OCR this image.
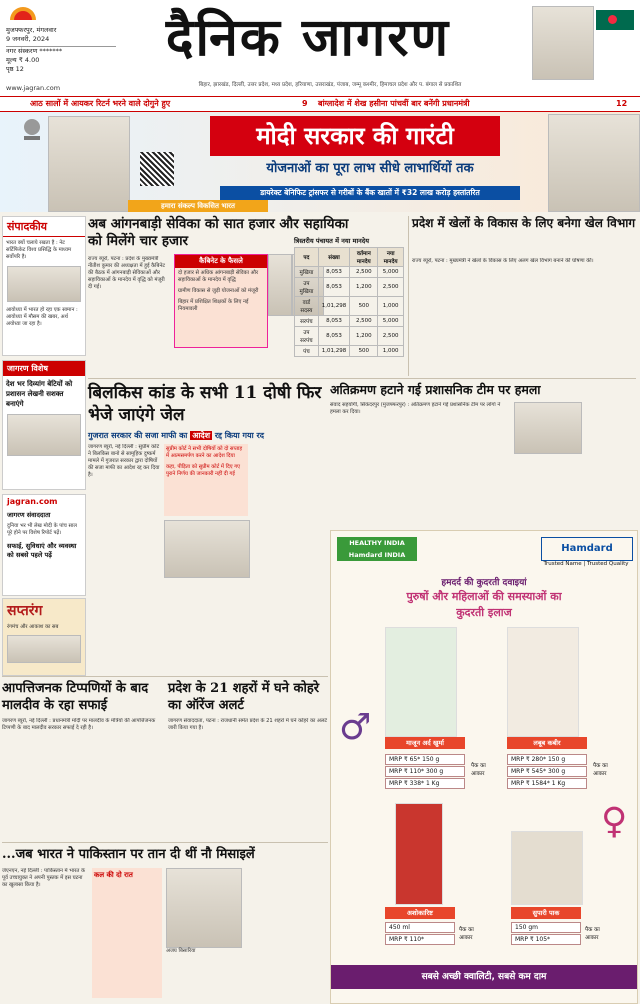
मुजफ्फरपुर, मंगलवार
9 जनवरी, 2024
नगर संस्करण *******
मूल्य ₹ 4.00
पृष्ठ 12
दैनिक जागरण
www.jagran.com	बिहार, झारखंड, दिल्ली, उत्तर प्रदेश, मध्य प्रदेश, हरियाणा, उत्तराखंड, पंजाब, जम्मू कश्मीर, हिमाचल प्रदेश और प. बंगाल से प्रकाशित
आठ सालों में आयकर रिटर्न भरने वाले दोगुने हुए	9 बांग्लादेश में शेख हसीना पांचवीं बार बनेंगी प्रधानमंत्री	12
मोदी सरकार की गारंटी
योजनाओं का पूरा लाभ सीधे लाभार्थियों तक
डायरेक्ट बेनिफिट ट्रांसफर से गरीबों के बैंक खातों में ₹32 लाख करोड़ हस्तांतरित
हमारा संकल्प विकसित भारत
संपादकीय
भारत क्यों चलाये रखता है : नेट सर्टिफिकेट विश्व प्रसिद्धि के माध्यम सर्वोपरि है।
आयोध्या में भारत हो रहा एक सामान : आयोध्या में मौसम की खबर, अर्थ अयोध्या जा रहा है।
जागरण विशेष
देश भर दिव्यांग बेटियों को प्रशासन लेखनी सशक्त बनाएंगे
jagran.com
जागरण संवाददाता
दुनिया भर भी लेख मोदी के पांच साल पूरे होने पर विशेष रिपोर्ट पढ़ें।
सफाई, सुविधाएं और व्यवस्था को सबसे पहले पढ़ें
सप्तरंग
रंगमंच और आकाश का सब
अब आंगनबाड़ी सेविका को सात हजार और सहायिका को मिलेंगे चार हजार
राज्य ब्यूरो, पटना : प्रदेश के मुख्यमंत्री नीतीश कुमार की अध्यक्षता में हुई कैबिनेट की बैठक में आंगनबाड़ी सेविकाओं और सहायिकाओं के मानदेय में वृद्धि को मंजूरी दी गई।
कैबिनेट के फैसले
दो हजार से अधिक आंगनबाड़ी सेविका और सहायिकाओं के मानदेय में वृद्धि
ग्रामीण विकास से जुड़ी योजनाओं को मंजूरी
बिहार में प्रशिक्षित शिक्षकों के लिए नई नियमावली
त्रिस्तरीय पंचायत में नया मानदेय
पद	संख्या	वर्तमान मानदेय	नया मानदेय
मुखिया	8,053	2,500	5,000
उप मुखिया	8,053	1,200	2,500
वार्ड सदस्य	1,01,298	500	1,000
सरपंच	8,053	2,500	5,000
उप सरपंच	8,053	1,200	2,500
पंच	1,01,298	500	1,000
प्रदेश में खेलों के विकास के लिए बनेगा खेल विभाग
राज्य ब्यूरो, पटना : मुख्यमंत्री ने खेलों के विकास के लिए अलग खेल विभाग बनाने की घोषणा की।
बिलकिस कांड के सभी 11 दोषी फिर भेजे जाएंगे जेल
गुजरात सरकार की सजा माफी का आदेश रद्द किया गया रद
जागरण ब्यूरो, नई दिल्ली : सुप्रीम कोर्ट ने बिलकिस बानो से सामूहिक दुष्कर्म मामले में गुजरात सरकार द्वारा दोषियों की सजा माफी का आदेश रद्द कर दिया है।
सुप्रीम कोर्ट ने सभी दोषियों को दो सप्ताह में आत्मसमर्पण करने का आदेश दिया
कहा, पीड़िता को सुप्रीम कोर्ट में दिए गए पुराने निर्णय की जानकारी नहीं दी गई
अतिक्रमण हटाने गई प्रशासनिक टीम पर हमला
संवाद सहयोगी, सिकंदरपुर (मुजफ्फरपुर) : अतिक्रमण हटाने गई प्रशासनिक टीम पर लोगों ने हमला कर दिया।
HEALTHY INDIA Hamdard INDIA
Hamdard
Trusted Name | Trusted Quality
हमदर्द की कुदरती दवाइयां
पुरुषों और महिलाओं की समस्याओं का
कुदरती इलाज
माजून अर्द खुर्मा
MRP ₹ 65* 150 g
MRP ₹ 110* 300 g
MRP ₹ 338* 1 Kg
पैक का आकार
लबूब कबीर
MRP ₹ 280* 150 g
MRP ₹ 545* 300 g
MRP ₹ 1584* 1 Kg
पैक का आकार
♂
♀
अशोकारिष्ट
450 ml
MRP ₹ 110*
पैक का आकार
सुपारी पाक
150 gm
MRP ₹ 105*
पैक का आकार
सबसे अच्छी क्वालिटी, सबसे कम दाम
आपत्तिजनक टिप्पणियों के बाद मालदीव के रहा सफाई
जागरण ब्यूरो, नई दिल्ली : प्रधानमंत्री मोदी पर मालदीव के मंत्रियों की आपत्तिजनक टिप्पणी के बाद मालदीव सरकार सफाई दे रही है।
प्रदेश के 21 शहरों में घने कोहरे का ऑरेंज अलर्ट
जागरण संवाददाता, पटना : राजधानी समेत प्रदेश के 21 शहरों में घने कोहरे का अलर्ट जारी किया गया है।
...जब भारत ने पाकिस्तान पर तान दी थीं नौ मिसाइलें
जेएनएन, नई दिल्ली : पाकिस्तान में भारत के पूर्व उच्चायुक्त ने अपनी पुस्तक में इस घटना का खुलासा किया है।
कल की दो रात
अजय बिसारिया
